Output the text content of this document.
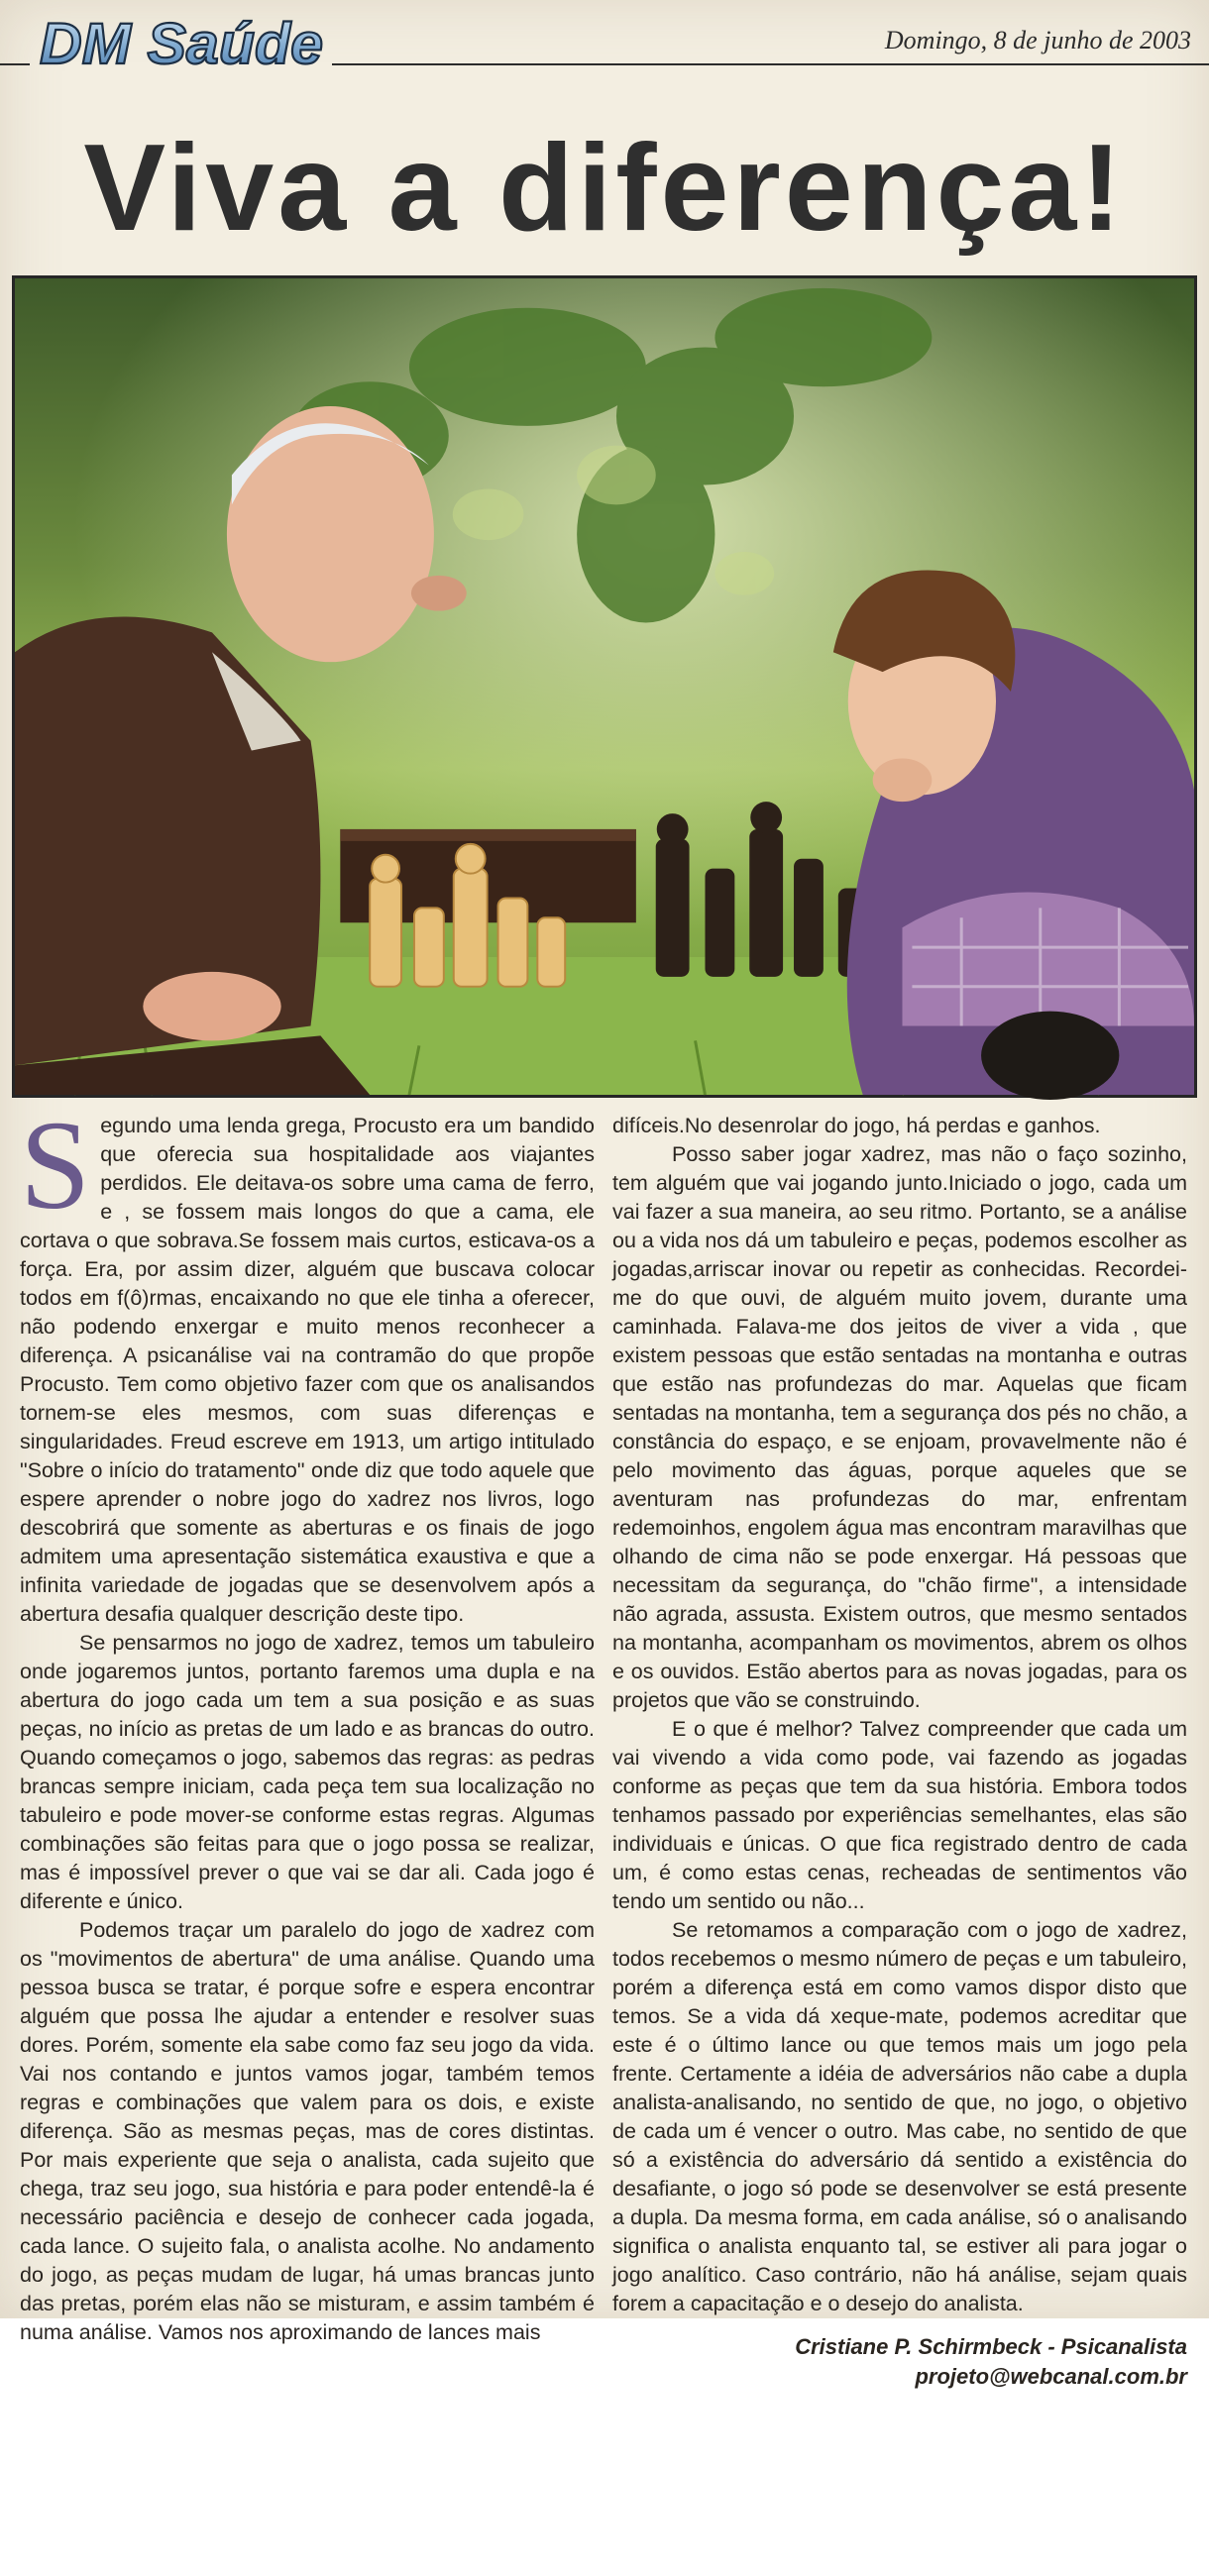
DM Saúde	Domingo, 8 de junho de 2003
Viva a diferença!

Segundo uma lenda grega, Procusto era um bandido que oferecia sua hospitalidade aos viajantes perdidos. Ele deitava-os sobre uma cama de ferro, e , se fossem mais longos do que a cama, ele cortava o que sobrava.Se fossem mais curtos, esticava-os a força. Era, por assim dizer, alguém que buscava colocar todos em f(ô)rmas, encaixando no que ele tinha a oferecer, não podendo enxergar e muito menos reconhecer a diferença. A psicanálise vai na contramão do que propõe Procusto. Tem como objetivo fazer com que os analisandos tornem-se eles mesmos, com suas diferenças e singularidades. Freud escreve em 1913, um artigo intitulado "Sobre o início do tratamento" onde diz que todo aquele que espere aprender o nobre jogo do xadrez nos livros, logo descobrirá que somente as aberturas e os finais de jogo admitem uma apresentação sistemática exaustiva e que a infinita variedade de jogadas que se desenvolvem após a abertura desafia qualquer descrição deste tipo.

Se pensarmos no jogo de xadrez, temos um tabuleiro onde jogaremos juntos, portanto faremos uma dupla e na abertura do jogo cada um tem a sua posição e as suas peças, no início as pretas de um lado e as brancas do outro. Quando começamos o jogo, sabemos das regras: as pedras brancas sempre iniciam, cada peça tem sua localização no tabuleiro e pode mover-se conforme estas regras. Algumas combinações são feitas para que o jogo possa se realizar, mas é impossível prever o que vai se dar ali. Cada jogo é diferente e único.

Podemos traçar um paralelo do jogo de xadrez com os "movimentos de abertura" de uma análise. Quando uma pessoa busca se tratar, é porque sofre e espera encontrar alguém que possa lhe ajudar a entender e resolver suas dores. Porém, somente ela sabe como faz seu jogo da vida. Vai nos contando e juntos vamos jogar, também temos regras e combinações que valem para os dois, e existe diferença. São as mesmas peças, mas de cores distintas. Por mais experiente que seja o analista, cada sujeito que chega, traz seu jogo, sua história e para poder entendê-la é necessário paciência e desejo de conhecer cada jogada, cada lance. O sujeito fala, o analista acolhe. No andamento do jogo, as peças mudam de lugar, há umas brancas junto das pretas, porém elas não se misturam, e assim também é numa análise. Vamos nos aproximando de lances mais

difíceis.No desenrolar do jogo, há perdas e ganhos.

Posso saber jogar xadrez, mas não o faço sozinho, tem alguém que vai jogando junto.Iniciado o jogo, cada um vai fazer a sua maneira, ao seu ritmo. Portanto, se a análise ou a vida nos dá um tabuleiro e peças, podemos escolher as jogadas,arriscar inovar ou repetir as conhecidas. Recordei-me do que ouvi, de alguém muito jovem, durante uma caminhada. Falava-me dos jeitos de viver a vida , que existem pessoas que estão sentadas na montanha e outras que estão nas profundezas do mar. Aquelas que ficam sentadas na montanha, tem a segurança dos pés no chão, a constância do espaço, e se enjoam, provavelmente não é pelo movimento das águas, porque aqueles que se aventuram nas profundezas do mar, enfrentam redemoinhos, engolem água mas encontram maravilhas que olhando de cima não se pode enxergar. Há pessoas que necessitam da segurança, do "chão firme", a intensidade não agrada, assusta. Existem outros, que mesmo sentados na montanha, acompanham os movimentos, abrem os olhos e os ouvidos. Estão abertos para as novas jogadas, para os projetos que vão se construindo.

E o que é melhor? Talvez compreender que cada um vai vivendo a vida como pode, vai fazendo as jogadas conforme as peças que tem da sua história. Embora todos tenhamos passado por experiências semelhantes, elas são individuais e únicas. O que fica registrado dentro de cada um, é como estas cenas, recheadas de sentimentos vão tendo um sentido ou não...

Se retomamos a comparação com o jogo de xadrez, todos recebemos o mesmo número de peças e um tabuleiro, porém a diferença está em como vamos dispor disto que temos. Se a vida dá xeque-mate, podemos acreditar que este é o último lance ou que temos mais um jogo pela frente. Certamente a idéia de adversários não cabe a dupla analista-analisando, no sentido de que, no jogo, o objetivo de cada um é vencer o outro. Mas cabe, no sentido de que só a existência do adversário dá sentido a existência do desafiante, o jogo só pode se desenvolver se está presente a dupla. Da mesma forma, em cada análise, só o analisando significa o analista enquanto tal, se estiver ali para jogar o jogo analítico. Caso contrário, não há análise, sejam quais forem a capacitação e o desejo do analista.

Cristiane P. Schirmbeck - Psicanalista
projeto@webcanal.com.br
